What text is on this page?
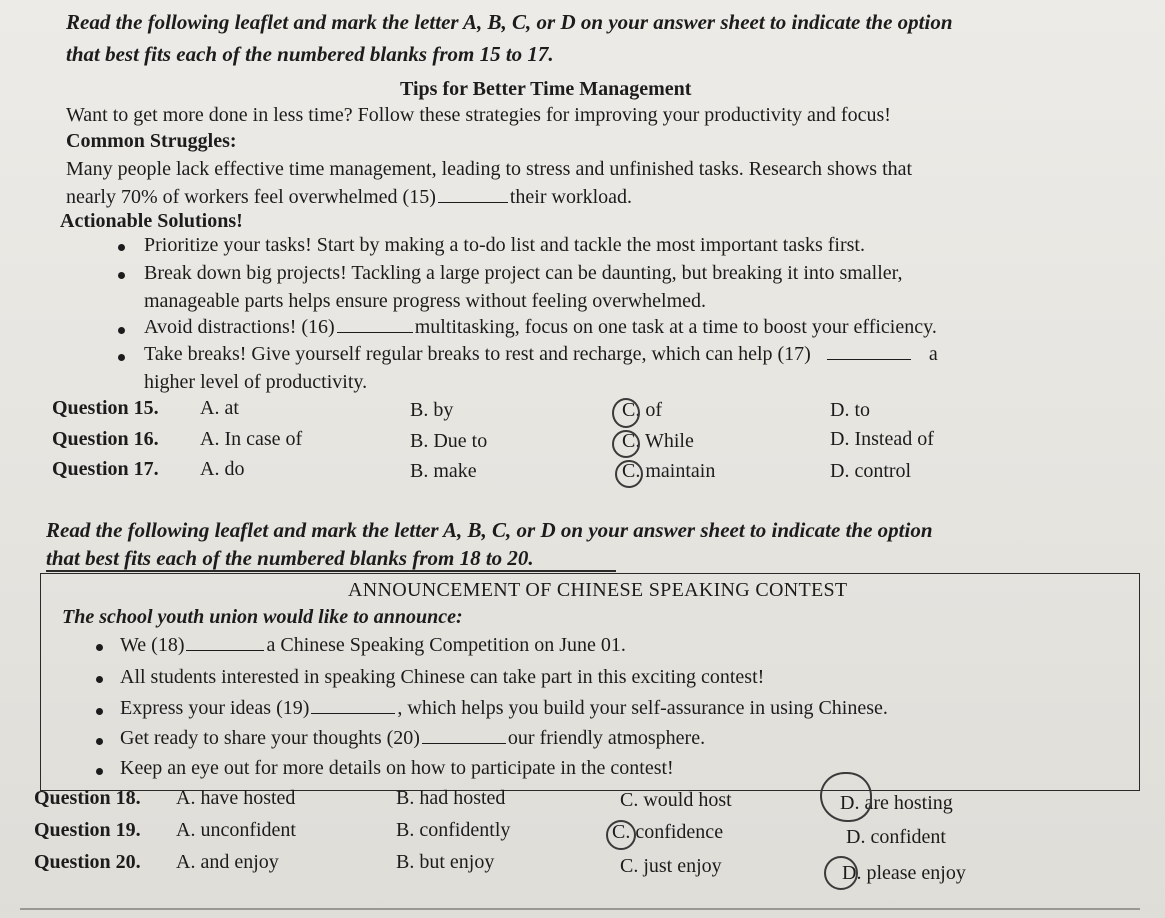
Read the following leaflet and mark the letter A, B, C, or D on your answer sheet to indicate the option
that best fits each of the numbered blanks from 15 to 17.
Tips for Better Time Management
Want to get more done in less time? Follow these strategies for improving your productivity and focus!
Common Struggles:
Many people lack effective time management, leading to stress and unfinished tasks. Research shows that
nearly 70% of workers feel overwhelmed (15)	their workload.
Actionable Solutions!
Prioritize your tasks! Start by making a to-do list and tackle the most important tasks first.
Break down big projects! Tackling a large project can be daunting, but breaking it into smaller,
manageable parts helps ensure progress without feeling overwhelmed.
Avoid distractions! (16)	multitasking, focus on one task at a time to boost your efficiency.
Take breaks! Give yourself regular breaks to rest and recharge, which can help (17)	a
higher level of productivity.
Question 15. A. at	B. by	C. of	D. to
Question 16. A. In case of	B. Due to	C. While	D. Instead of
Question 17. A. do	B. make	C. maintain	D. control
Read the following leaflet and mark the letter A, B, C, or D on your answer sheet to indicate the option
that best fits each of the numbered blanks from 18 to 20.
ANNOUNCEMENT OF CHINESE SPEAKING CONTEST
The school youth union would like to announce:
We (18)	a Chinese Speaking Competition on June 01.
All students interested in speaking Chinese can take part in this exciting contest!
Express your ideas (19)	, which helps you build your self-assurance in using Chinese.
Get ready to share your thoughts (20)	our friendly atmosphere.
Keep an eye out for more details on how to participate in the contest!
Question 18. A. have hosted	B. had hosted	C. would host	D. are hosting
Question 19. A. unconfident	B. confidently	C. confidence	D. confident
Question 20. A. and enjoy	B. but enjoy	C. just enjoy	D. please enjoy
